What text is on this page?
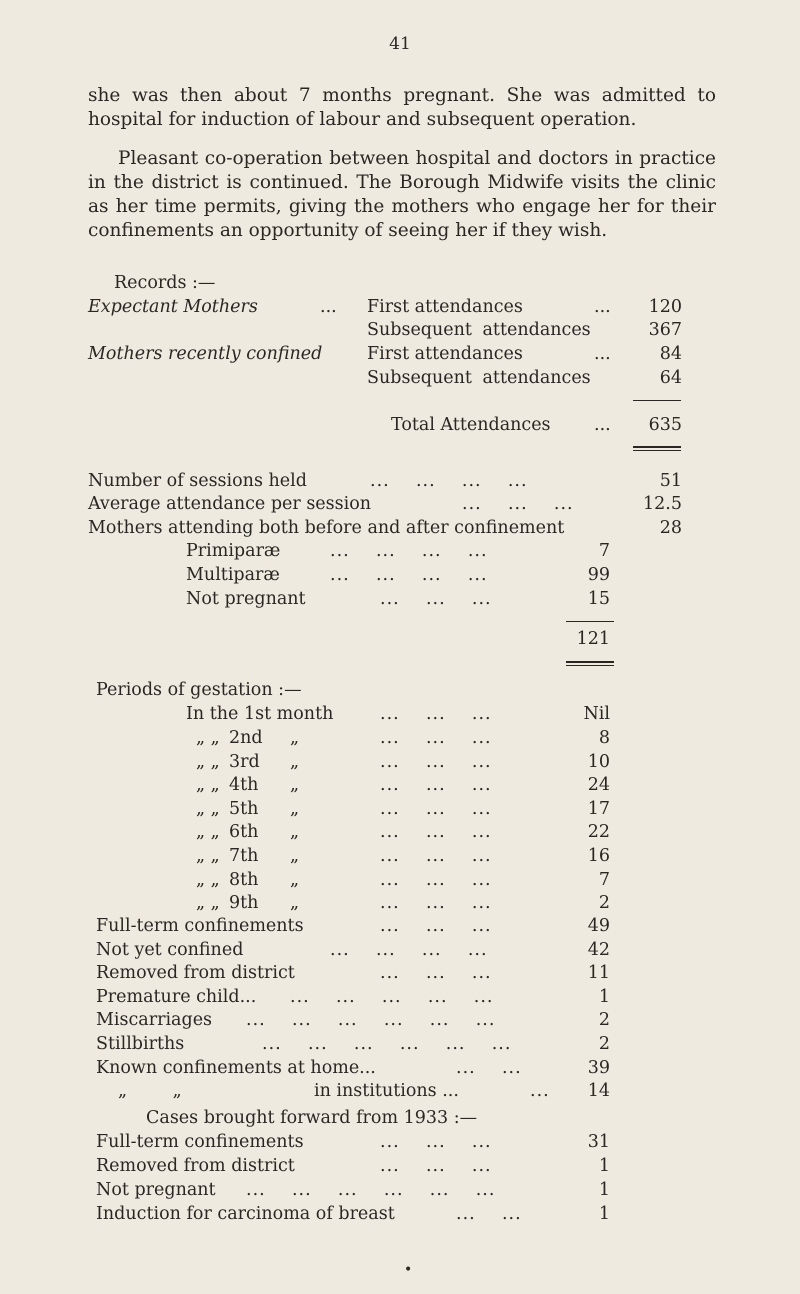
41

she was then about 7 months pregnant. She was admitted to hospital for induction of labour and subsequent operation.

Pleasant co-operation between hospital and doctors in practice in the district is continued. The Borough Midwife visits the clinic as her time permits, giving the mothers who engage her for their confinements an opportunity of seeing her if they wish.

Records :—
Expectant Mothers	... First attendances	...	120
Subsequent attendances	367
Mothers recently confined	First attendances	...	84
Subsequent attendances	64
Total Attendances ...	635
Number of sessions held	...    ...    ...    ...	51
Average attendance per session	...    ...    ...	12.5
Mothers attending both before and after confinement	28
Primiparæ	...    ...    ...    ...	7
Multiparæ	...    ...    ...    ...	99
Not pregnant	...    ...    ...	15
121
Periods of gestation :—
In the 1st month	...    ...    ...	Nil
„ „ 2nd „	...    ...    ...	8
„ „ 3rd „	...    ...    ...	10
„ „ 4th „	...    ...    ...	24
„ „ 5th „	...    ...    ...	17
„ „ 6th „	...    ...    ...	22
„ „ 7th „	...    ...    ...	16
„ „ 8th „	...    ...    ...	7
„ „ 9th „	...    ...    ...	2
Full-term confinements	...    ...    ...	49
Not yet confined	...    ...    ...    ...	42
Removed from district	...    ...    ...	11
Premature child... ...    ...    ...    ...    ...	1
Miscarriages ...    ...    ...    ...    ...    ...	2
Stillbirths	...    ...    ...    ...    ...    ...	2
Known confinements at home...	...    ...	39
„ „	in institutions ...	...	14
Cases brought forward from 1933 :—
Full-term confinements	...    ...    ...	31
Removed from district	...    ...    ...	1
Not pregnant ...    ...    ...    ...    ...    ...	1
Induction for carcinoma of breast	...    ...	1
•
